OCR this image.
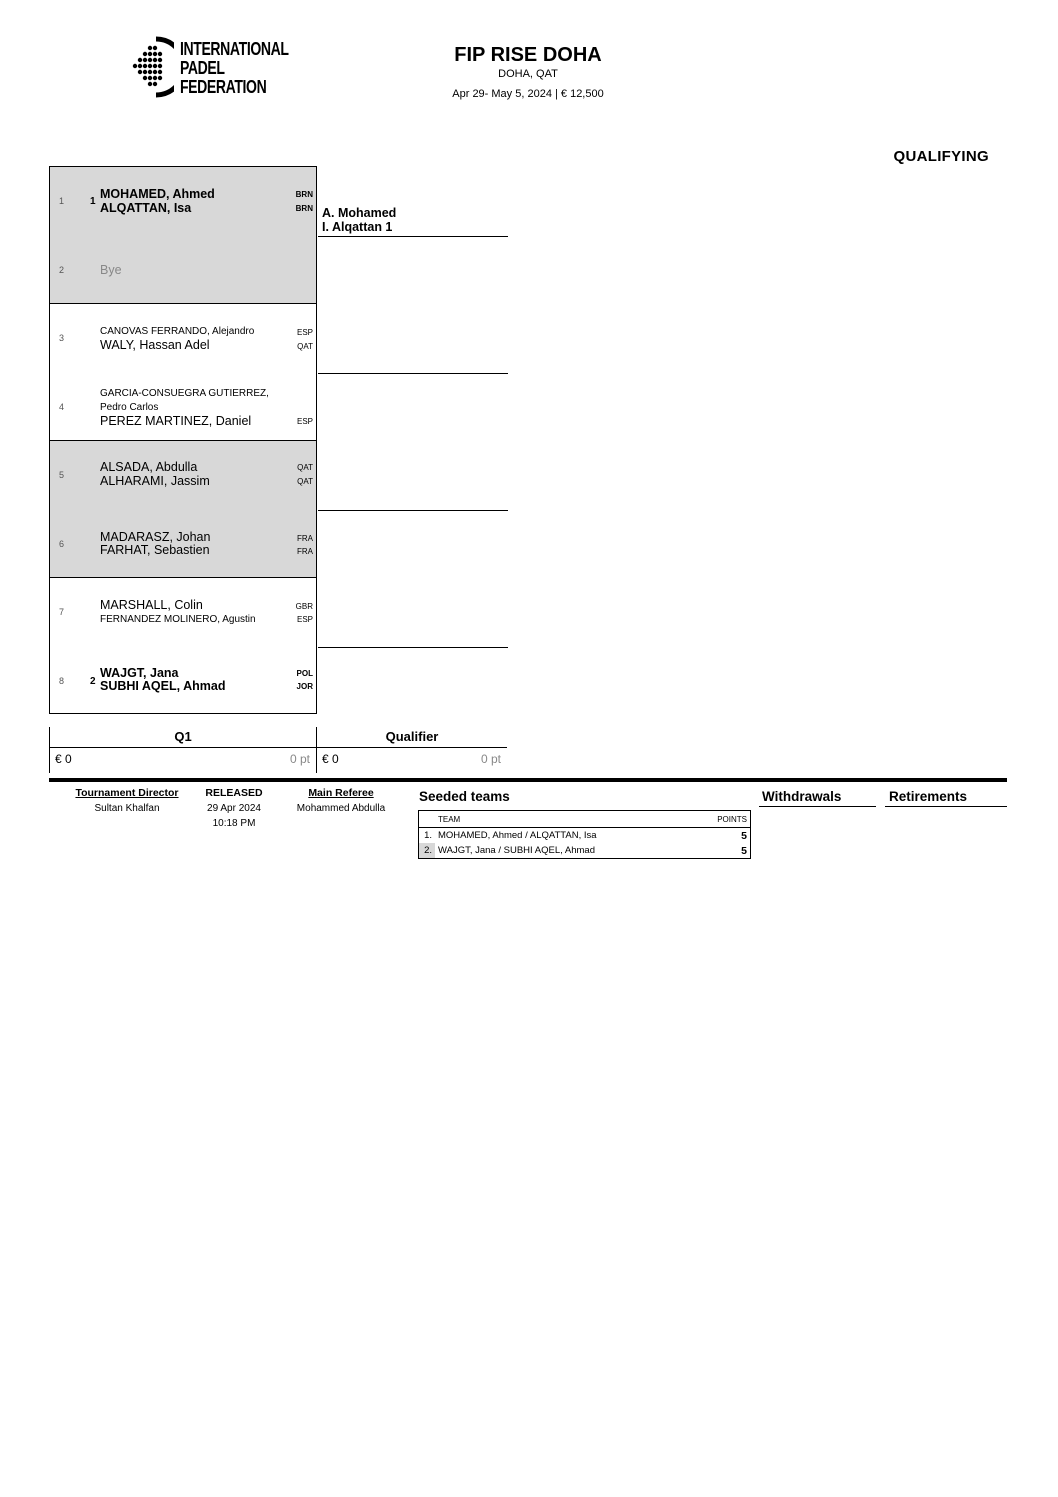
INTERNATIONAL
PADEL
FEDERATION
FIP RISE DOHA
DOHA, QAT
Apr 29- May 5, 2024 | € 12,500
QUALIFYING
1	1
MOHAMED, Ahmed
ALQATTAN, Isa
BRN
BRN
2	Bye
3
CANOVAS FERRANDO, Alejandro
WALY, Hassan Adel
ESP
QAT
4
GARCIA-CONSUEGRA GUTIERREZ,
Pedro Carlos
PEREZ MARTINEZ, Daniel	ESP
5
ALSADA, Abdulla
ALHARAMI, Jassim
QAT
QAT
6	MADARASZ, Johan
FARHAT, Sebastien
FRA
FRA
7	MARSHALL, Colin
FERNANDEZ MOLINERO, Agustin
GBR
ESP
8	2
WAJGT, Jana
SUBHI AQEL, Ahmad
POL
JOR
A. Mohamed
I. Alqattan 1
Q1
€ 0	0 pt
Qualifier
€ 0	0 pt
Tournament Director
Sultan Khalfan
RELEASED
29 Apr 2024
10:18 PM
Main Referee
Mohammed Abdulla
Seeded teams
	TEAM	POINTS
1.	MOHAMED, Ahmed / ALQATTAN, Isa	5
2.	WAJGT, Jana / SUBHI AQEL, Ahmad	5
Withdrawals	Retirements
